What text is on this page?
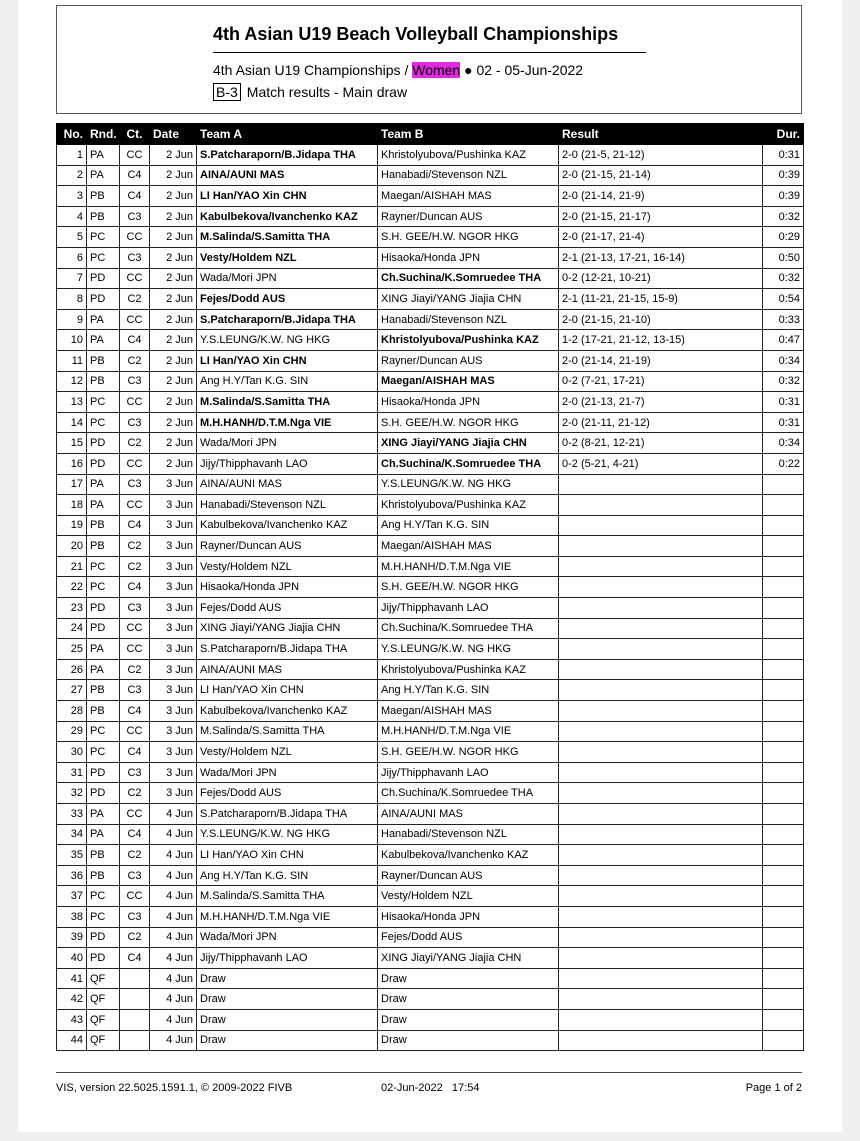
4th Asian U19 Beach Volleyball Championships
4th Asian U19 Championships / Women ● 02 - 05-Jun-2022
B-3 Match results - Main draw
No.	Rnd.	Ct.	Date	Team A	Team B	Result	Dur.
1	PA	CC	2 Jun	S.Patcharaporn/B.Jidapa THA	Khristolyubova/Pushinka KAZ	2-0 (21-5, 21-12)	0:31
2	PA	C4	2 Jun	AINA/AUNI MAS	Hanabadi/Stevenson NZL	2-0 (21-15, 21-14)	0:39
3	PB	C4	2 Jun	LI Han/YAO Xin CHN	Maegan/AISHAH MAS	2-0 (21-14, 21-9)	0:39
4	PB	C3	2 Jun	Kabulbekova/Ivanchenko KAZ	Rayner/Duncan AUS	2-0 (21-15, 21-17)	0:32
5	PC	CC	2 Jun	M.Salinda/S.Samitta THA	S.H. GEE/H.W. NGOR HKG	2-0 (21-17, 21-4)	0:29
6	PC	C3	2 Jun	Vesty/Holdem NZL	Hisaoka/Honda JPN	2-1 (21-13, 17-21, 16-14)	0:50
7	PD	CC	2 Jun	Wada/Mori JPN	Ch.Suchina/K.Somruedee THA	0-2 (12-21, 10-21)	0:32
8	PD	C2	2 Jun	Fejes/Dodd AUS	XING Jiayi/YANG Jiajia CHN	2-1 (11-21, 21-15, 15-9)	0:54
9	PA	CC	2 Jun	S.Patcharaporn/B.Jidapa THA	Hanabadi/Stevenson NZL	2-0 (21-15, 21-10)	0:33
10	PA	C4	2 Jun	Y.S.LEUNG/K.W. NG HKG	Khristolyubova/Pushinka KAZ	1-2 (17-21, 21-12, 13-15)	0:47
11	PB	C2	2 Jun	LI Han/YAO Xin CHN	Rayner/Duncan AUS	2-0 (21-14, 21-19)	0:34
12	PB	C3	2 Jun	Ang H.Y/Tan K.G. SIN	Maegan/AISHAH MAS	0-2 (7-21, 17-21)	0:32
13	PC	CC	2 Jun	M.Salinda/S.Samitta THA	Hisaoka/Honda JPN	2-0 (21-13, 21-7)	0:31
14	PC	C3	2 Jun	M.H.HANH/D.T.M.Nga VIE	S.H. GEE/H.W. NGOR HKG	2-0 (21-11, 21-12)	0:31
15	PD	C2	2 Jun	Wada/Mori JPN	XING Jiayi/YANG Jiajia CHN	0-2 (8-21, 12-21)	0:34
16	PD	CC	2 Jun	Jijy/Thipphavanh LAO	Ch.Suchina/K.Somruedee THA	0-2 (5-21, 4-21)	0:22
17	PA	C3	3 Jun	AINA/AUNI MAS	Y.S.LEUNG/K.W. NG HKG		
18	PA	CC	3 Jun	Hanabadi/Stevenson NZL	Khristolyubova/Pushinka KAZ		
19	PB	C4	3 Jun	Kabulbekova/Ivanchenko KAZ	Ang H.Y/Tan K.G. SIN		
20	PB	C2	3 Jun	Rayner/Duncan AUS	Maegan/AISHAH MAS		
21	PC	C2	3 Jun	Vesty/Holdem NZL	M.H.HANH/D.T.M.Nga VIE		
22	PC	C4	3 Jun	Hisaoka/Honda JPN	S.H. GEE/H.W. NGOR HKG		
23	PD	C3	3 Jun	Fejes/Dodd AUS	Jijy/Thipphavanh LAO		
24	PD	CC	3 Jun	XING Jiayi/YANG Jiajia CHN	Ch.Suchina/K.Somruedee THA		
25	PA	CC	3 Jun	S.Patcharaporn/B.Jidapa THA	Y.S.LEUNG/K.W. NG HKG		
26	PA	C2	3 Jun	AINA/AUNI MAS	Khristolyubova/Pushinka KAZ		
27	PB	C3	3 Jun	LI Han/YAO Xin CHN	Ang H.Y/Tan K.G. SIN		
28	PB	C4	3 Jun	Kabulbekova/Ivanchenko KAZ	Maegan/AISHAH MAS		
29	PC	CC	3 Jun	M.Salinda/S.Samitta THA	M.H.HANH/D.T.M.Nga VIE		
30	PC	C4	3 Jun	Vesty/Holdem NZL	S.H. GEE/H.W. NGOR HKG		
31	PD	C3	3 Jun	Wada/Mori JPN	Jijy/Thipphavanh LAO		
32	PD	C2	3 Jun	Fejes/Dodd AUS	Ch.Suchina/K.Somruedee THA		
33	PA	CC	4 Jun	S.Patcharaporn/B.Jidapa THA	AINA/AUNI MAS		
34	PA	C4	4 Jun	Y.S.LEUNG/K.W. NG HKG	Hanabadi/Stevenson NZL		
35	PB	C2	4 Jun	LI Han/YAO Xin CHN	Kabulbekova/Ivanchenko KAZ		
36	PB	C3	4 Jun	Ang H.Y/Tan K.G. SIN	Rayner/Duncan AUS		
37	PC	CC	4 Jun	M.Salinda/S.Samitta THA	Vesty/Holdem NZL		
38	PC	C3	4 Jun	M.H.HANH/D.T.M.Nga VIE	Hisaoka/Honda JPN		
39	PD	C2	4 Jun	Wada/Mori JPN	Fejes/Dodd AUS		
40	PD	C4	4 Jun	Jijy/Thipphavanh LAO	XING Jiayi/YANG Jiajia CHN		
41	QF		4 Jun	Draw	Draw		
42	QF		4 Jun	Draw	Draw		
43	QF		4 Jun	Draw	Draw		
44	QF		4 Jun	Draw	Draw		
VIS, version 22.5025.1591.1, © 2009-2022 FIVB	02-Jun-2022   17:54	Page 1 of 2
